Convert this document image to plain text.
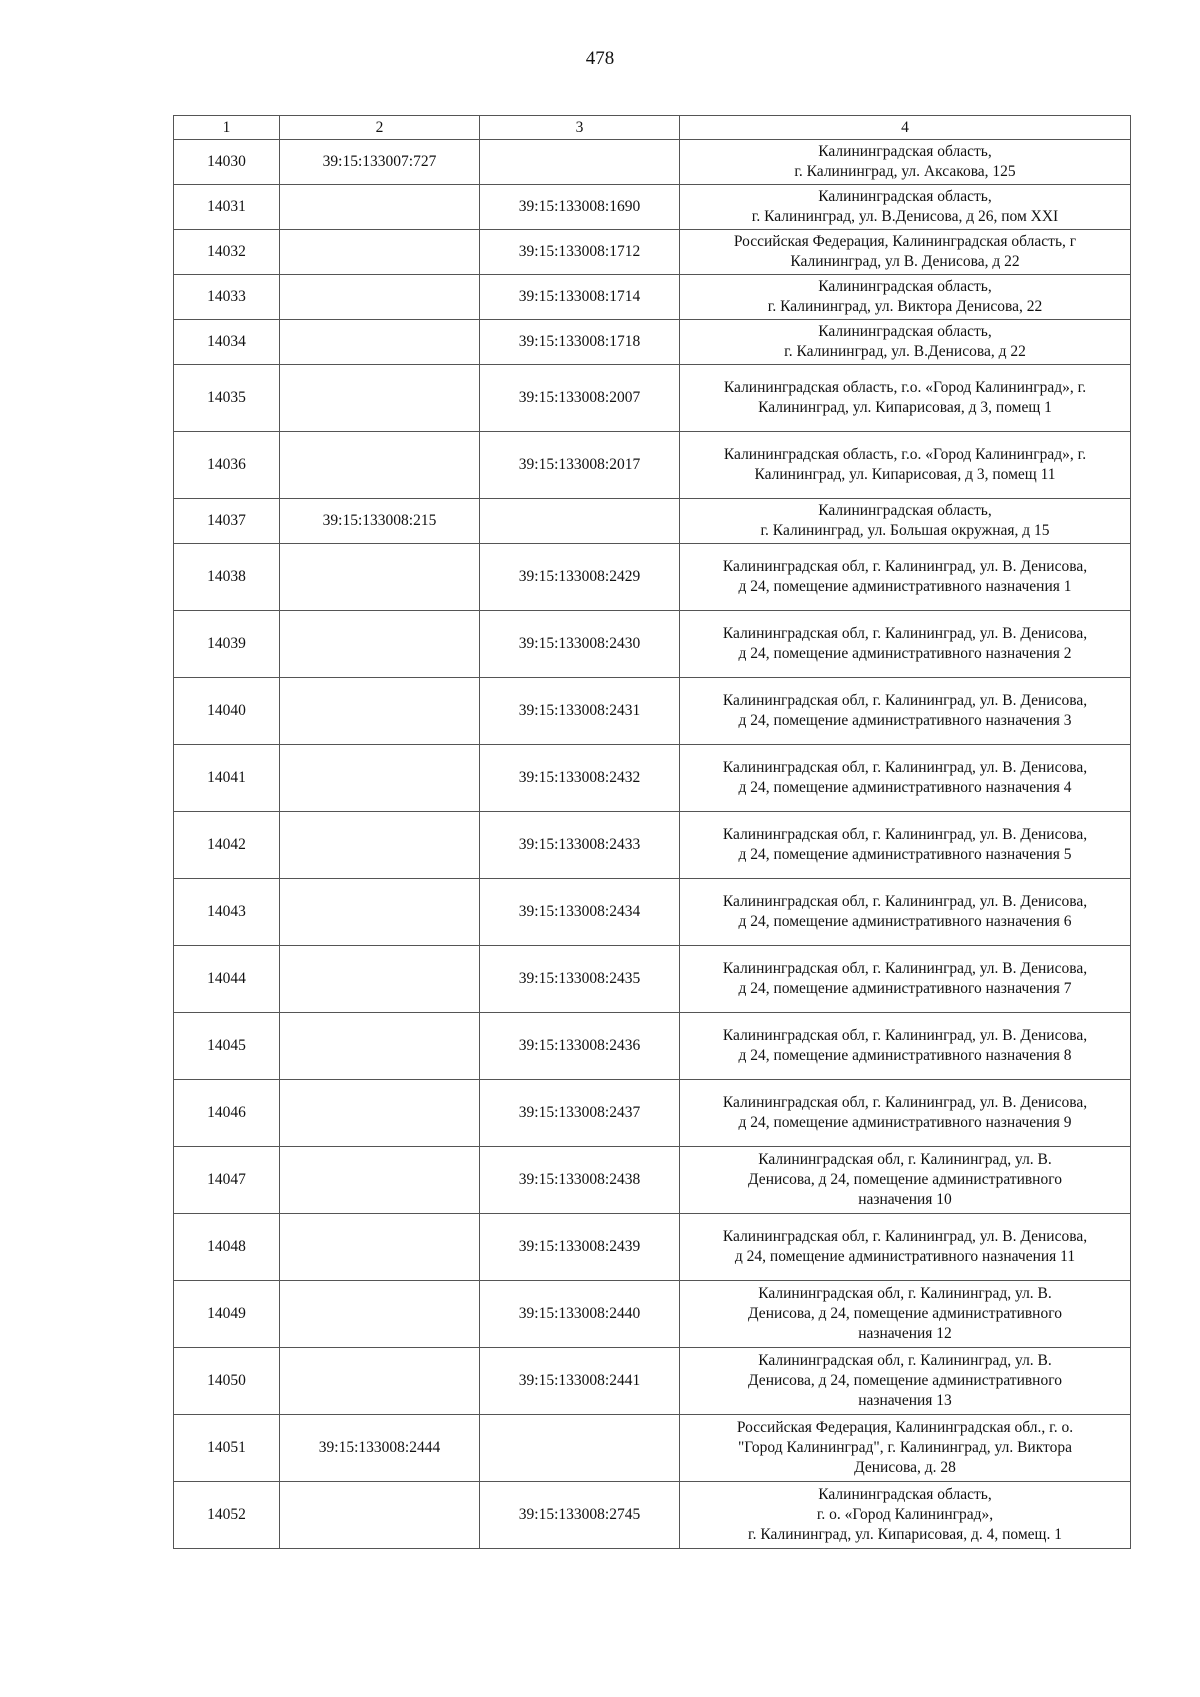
478
1	2	3	4
14030	39:15:133007:727		Калининградская область,
г. Калининград, ул. Аксакова, 125

14031		39:15:133008:1690	Калининградская область,
г. Калининград, ул. В.Денисова, д 26, пом XXI

14032		39:15:133008:1712	Российская Федерация, Калининградская область, г
Калининград, ул В. Денисова, д 22

14033		39:15:133008:1714	Калининградская область,
г. Калининград, ул. Виктора Денисова, 22

14034		39:15:133008:1718	Калининградская область,
г. Калининград, ул. В.Денисова, д 22

14035		39:15:133008:2007	Калининградская область, г.о. «Город Калининград», г.
Калининград, ул. Кипарисовая, д 3, помещ 1

14036		39:15:133008:2017	Калининградская область, г.о. «Город Калининград», г.
Калининград, ул. Кипарисовая, д 3, помещ 11

14037	39:15:133008:215		Калининградская область,
г. Калининград, ул. Большая окружная, д 15

14038		39:15:133008:2429	Калининградская обл, г. Калининград, ул. В. Денисова,
д 24, помещение административного назначения 1

14039		39:15:133008:2430	Калининградская обл, г. Калининград, ул. В. Денисова,
д 24, помещение административного назначения 2

14040		39:15:133008:2431	Калининградская обл, г. Калининград, ул. В. Денисова,
д 24, помещение административного назначения 3

14041		39:15:133008:2432	Калининградская обл, г. Калининград, ул. В. Денисова,
д 24, помещение административного назначения 4

14042		39:15:133008:2433	Калининградская обл, г. Калининград, ул. В. Денисова,
д 24, помещение административного назначения 5

14043		39:15:133008:2434	Калининградская обл, г. Калининград, ул. В. Денисова,
д 24, помещение административного назначения 6

14044		39:15:133008:2435	Калининградская обл, г. Калининград, ул. В. Денисова,
д 24, помещение административного назначения 7

14045		39:15:133008:2436	Калининградская обл, г. Калининград, ул. В. Денисова,
д 24, помещение административного назначения 8

14046		39:15:133008:2437	Калининградская обл, г. Калининград, ул. В. Денисова,
д 24, помещение административного назначения 9

14047		39:15:133008:2438	Калининградская обл, г. Калининград, ул. В.
Денисова, д 24, помещение административного
назначения 10

14048		39:15:133008:2439	Калининградская обл, г. Калининград, ул. В. Денисова,
д 24, помещение административного назначения 11

14049		39:15:133008:2440	Калининградская обл, г. Калининград, ул. В.
Денисова, д 24, помещение административного
назначения 12

14050		39:15:133008:2441	Калининградская обл, г. Калининград, ул. В.
Денисова, д 24, помещение административного
назначения 13

14051	39:15:133008:2444		Российская Федерация, Калининградская обл., г. о.
"Город Калининград", г. Калининград, ул. Виктора
Денисова, д. 28

14052		39:15:133008:2745	Калининградская область,
г. о. «Город Калининград»,
г. Калининград, ул. Кипарисовая, д. 4, помещ. 1
